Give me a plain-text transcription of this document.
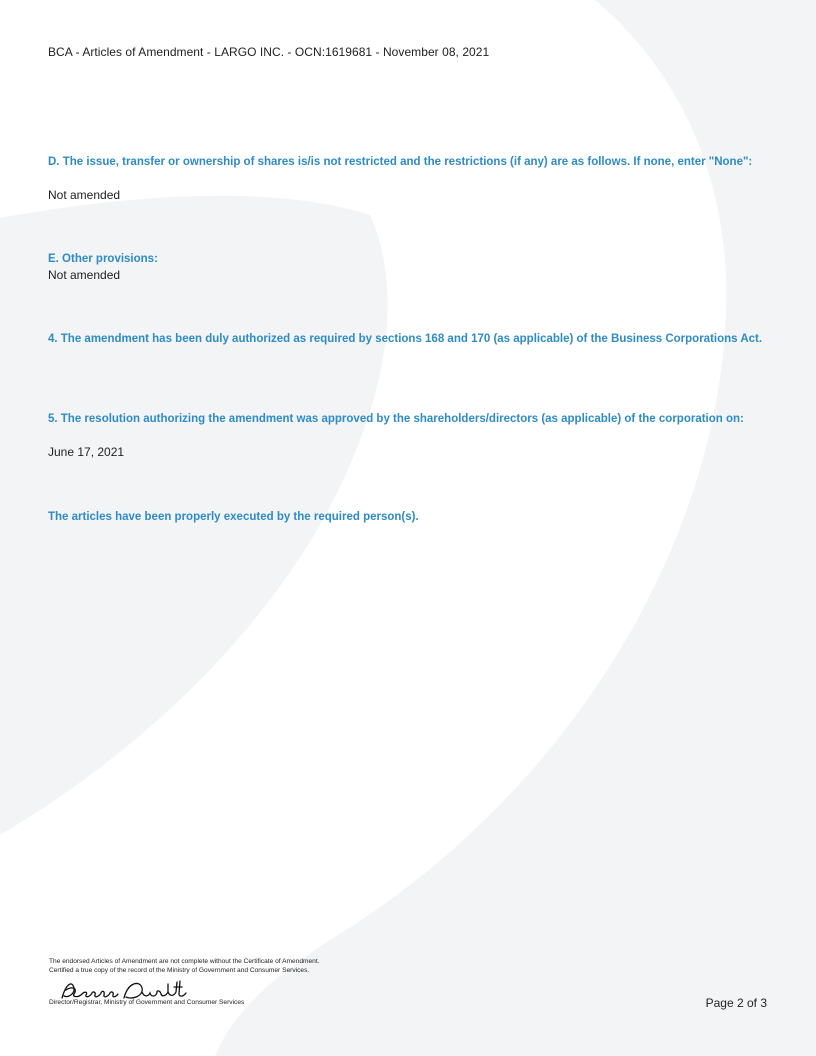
BCA - Articles of Amendment - LARGO INC. - OCN:1619681 - November 08, 2021
D. The issue, transfer or ownership of shares is/is not restricted and the restrictions (if any) are as follows. If none, enter "None":
Not amended
E. Other provisions:
Not amended
4. The amendment has been duly authorized as required by sections 168 and 170 (as applicable) of the Business Corporations Act.
5. The resolution authorizing the amendment was approved by the shareholders/directors (as applicable) of the corporation on:
June 17, 2021
The articles have been properly executed by the required person(s).
The endorsed Articles of Amendment are not complete without the Certificate of Amendment.
Certified a true copy of the record of the Ministry of Government and Consumer Services.
Director/Registrar, Ministry of Government and Consumer Services	Page 2 of 3
